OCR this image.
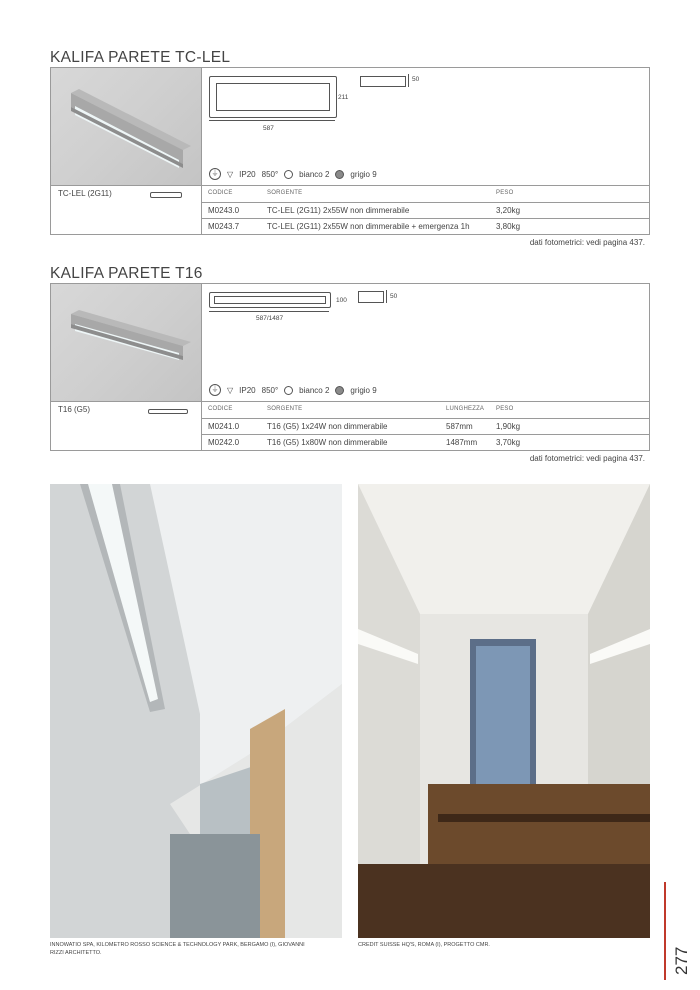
KALIFA PARETE TC-LEL
211
587
50
⏚	▽ IP20 850°	bianco 2	grigio 9
TC-LEL (2G11)	CODICE	SORGENTE	PESO
M0243.0	TC-LEL (2G11) 2x55W non dimmerabile	3,20kg
M0243.7	TC-LEL (2G11) 2x55W non dimmerabile + emergenza 1h	3,80kg
dati fotometrici: vedi pagina 437.
KALIFA PARETE T16
100
587/1487
50
⏚	▽ IP20 850°	bianco 2	grigio 9
T16 (G5)	CODICE	SORGENTE	LUNGHEZZA PESO
M0241.0	T16 (G5) 1x24W non dimmerabile	587mm	1,90kg
M0242.0	T16 (G5) 1x80W non dimmerabile	1487mm 3,70kg
dati fotometrici: vedi pagina 437.
INNOWATIO SPA, KILOMETRO ROSSO SCIENCE & TECHNOLOGY PARK, BERGAMO (I), GIOVANNI RIZZI ARCHITETTO.
CREDIT SUISSE HQ'S, ROMA (I), PROGETTO CMR.
277
